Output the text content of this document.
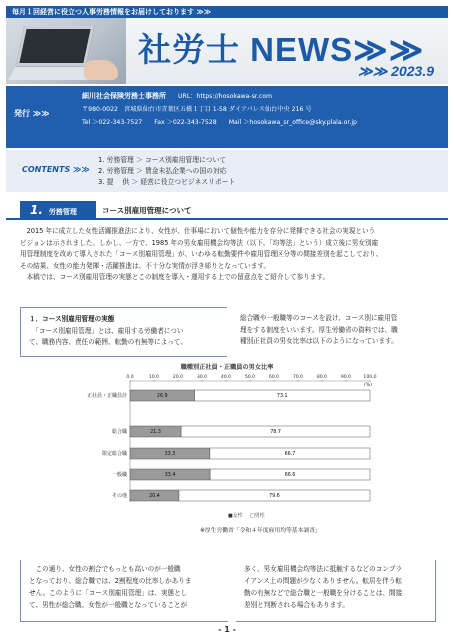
毎月１回経営に役立つ人事労務情報をお届けしております ≫≫
社労士 NEWS≫≫
≫≫ 2023.9
発行 ≫≫
細川社会保険労務士事務所 URL：https://hosokawa-sr.com
〒980-0022　宮城県仙台市青葉区五橋１丁目 1-58 ダイアパレス仙台中央 216 号
Tel ＞022-343-7527 Fax ＞022-343-7528 Mail ＞hosokawa_sr_office@sky.plala.or.jp
CONTENTS ≫≫
1. 労務管理 ＞ コース別雇用管理について
2. 労務管理 ＞ 賃金未払企業への国の対応
3. 提　 供 ＞ 経営に役立つビジネスリポート
1. 労務管理	コース別雇用管理について
　2015 年に成立した女性活躍推進法により、女性が、仕事場において個性や能力を存分に発揮できる社会の実現という
ビジョンは示されました。しかし、一方で、1985 年の男女雇用機会均等法（以下、「均等法」という）成立後に男女別雇
用管理制度を改めて導入された「コース別雇用管理」が、いわゆる転勤要件や雇用管理区分等の間接差別を起こしており、
その結果、女性の能力発揮・活躍推進は、不十分な実情が浮き彫りとなっています。
　本稿では、コース別雇用管理の実態とこの制度を導入・運用する上での留意点をご紹介して参ります。
１．コース別雇用管理の実態
　「コース別雇用管理」とは、雇用する労働者につい
て、職務内容、責任の範囲、転勤の有無等によって、
総合職や一般職等のコースを設け、コース別に雇用管
理をする制度をいいます。厚生労働省の資料では、職
種別正社員の男女比率は以下のようになっています。
職種別正社員・正職員の男女比率
0.0	10.0	20.0	30.0	40.0	50.0	60.0	70.0	80.0	90.0	100.0
(%)
正社員・正職員計	26.9	73.1
総合職	21.3	78.7
限定総合職	33.3	66.7
一般職	33.4	66.6
その他	20.4	79.6
■女性 □男性
※厚生労働省「令和４年度雇用均等基本調査」
　この通り、女性の割合でもっとも高いのが一般職
となっており、総合職では、2割程度の比率しかありま
せん。このように「コース別雇用管理」は、実態とし
て、男性が総合職、女性が一般職となっていることが
多く、男女雇用機会均等法に抵触するなどのコンプラ
イアンス上の問題が少なくありません。転居を伴う転
勤の有無などで総合職と一般職を分けることは、間接
差別と判断される場合もあります。
- 1 -
